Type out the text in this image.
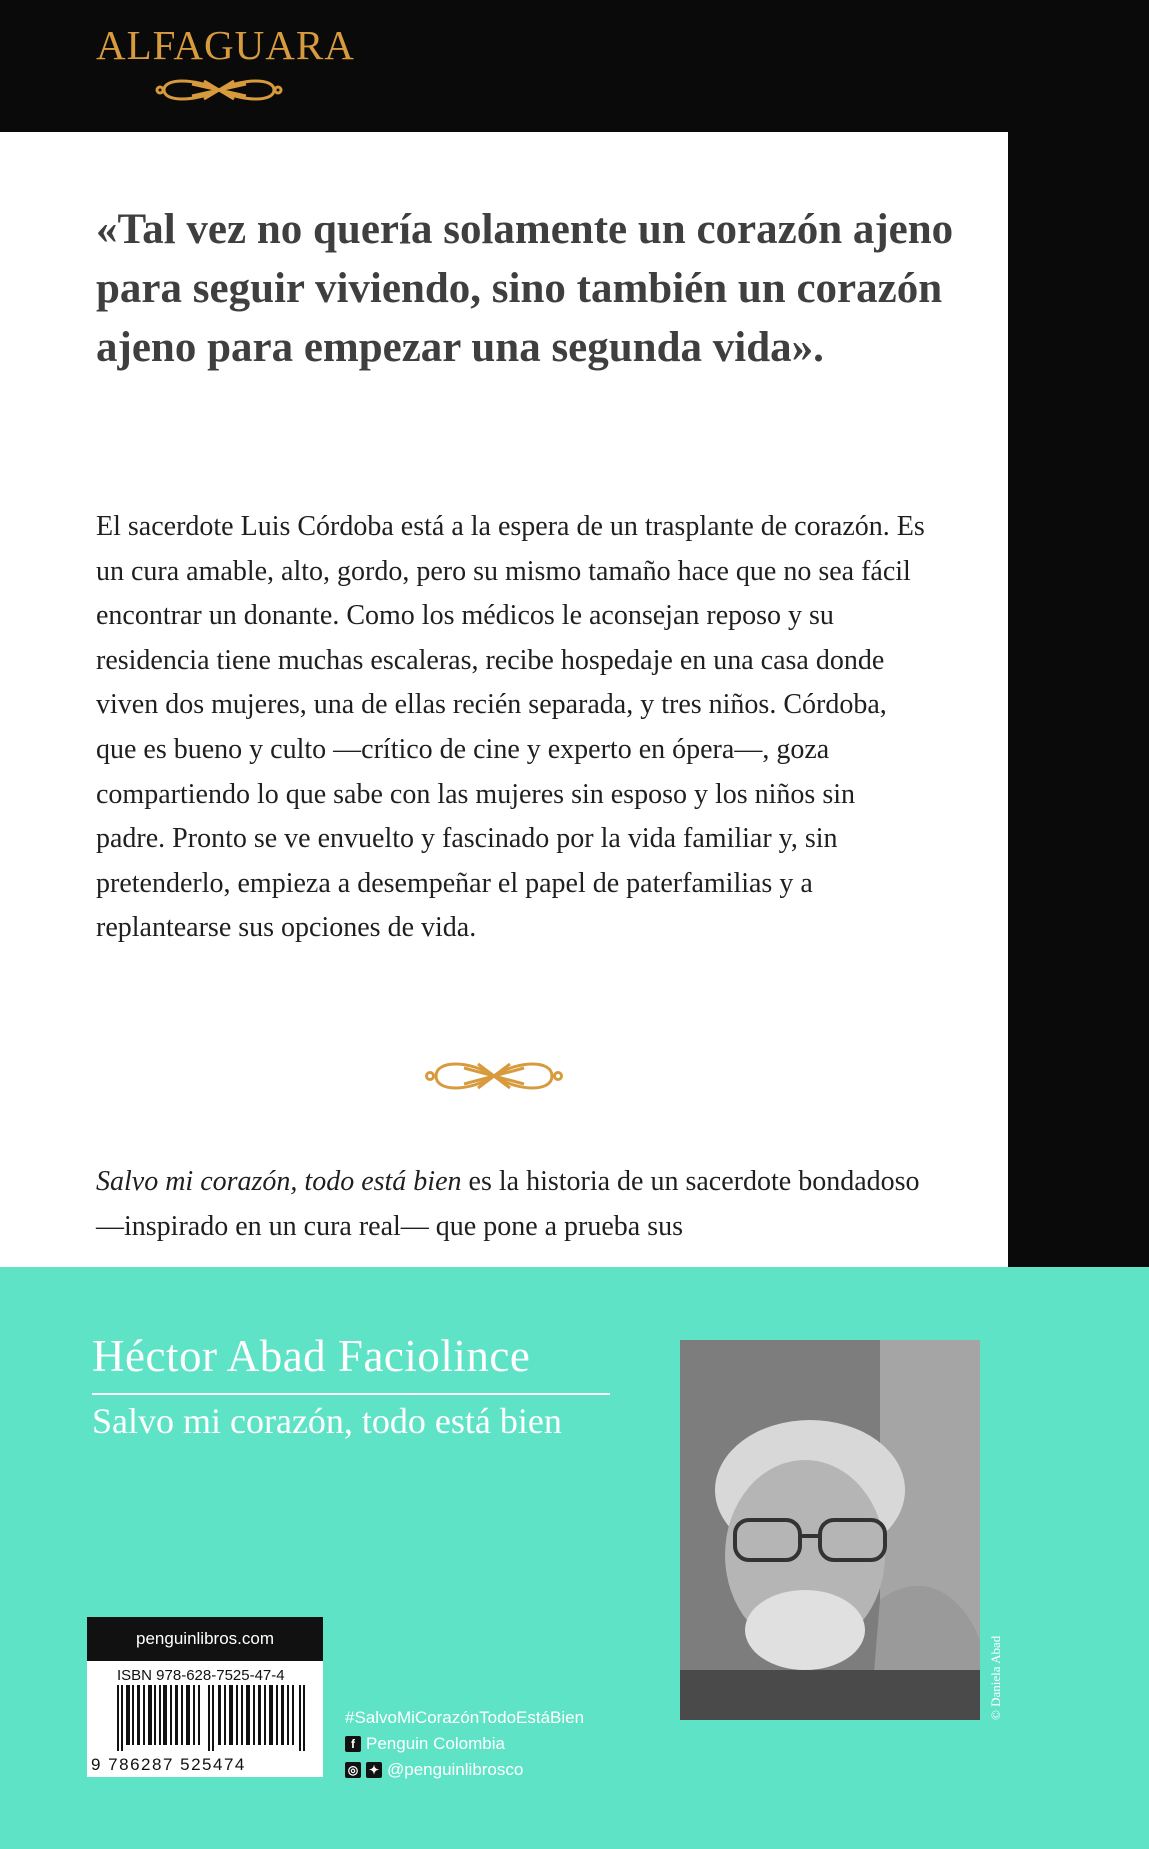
ALFAGUARA

«Tal vez no quería solamente un corazón ajeno para seguir viviendo, sino también un corazón ajeno para empezar una segunda vida».

El sacerdote Luis Córdoba está a la espera de un trasplante de corazón. Es un cura amable, alto, gordo, pero su mismo tamaño hace que no sea fácil encontrar un donante. Como los médicos le aconsejan reposo y su residencia tiene muchas escaleras, recibe hospedaje en una casa donde viven dos mujeres, una de ellas recién separada, y tres niños. Córdoba, que es bueno y culto —crítico de cine y experto en ópera—, goza compartiendo lo que sabe con las mujeres sin esposo y los niños sin padre. Pronto se ve envuelto y fascinado por la vida familiar y, sin pretenderlo, empieza a desempeñar el papel de paterfamilias y a replantearse sus opciones de vida.

Salvo mi corazón, todo está bien es la historia de un sacerdote bondadoso —inspirado en un cura real— que pone a prueba sus

Héctor Abad Faciolince
Salvo mi corazón, todo está bien
penguinlibros.com
ISBN 978-628-7525-47-4
9 786287 525474
#SalvoMiCorazónTodoEstáBien
f Penguin Colombia
◎ ✦ @penguinlibrosco
